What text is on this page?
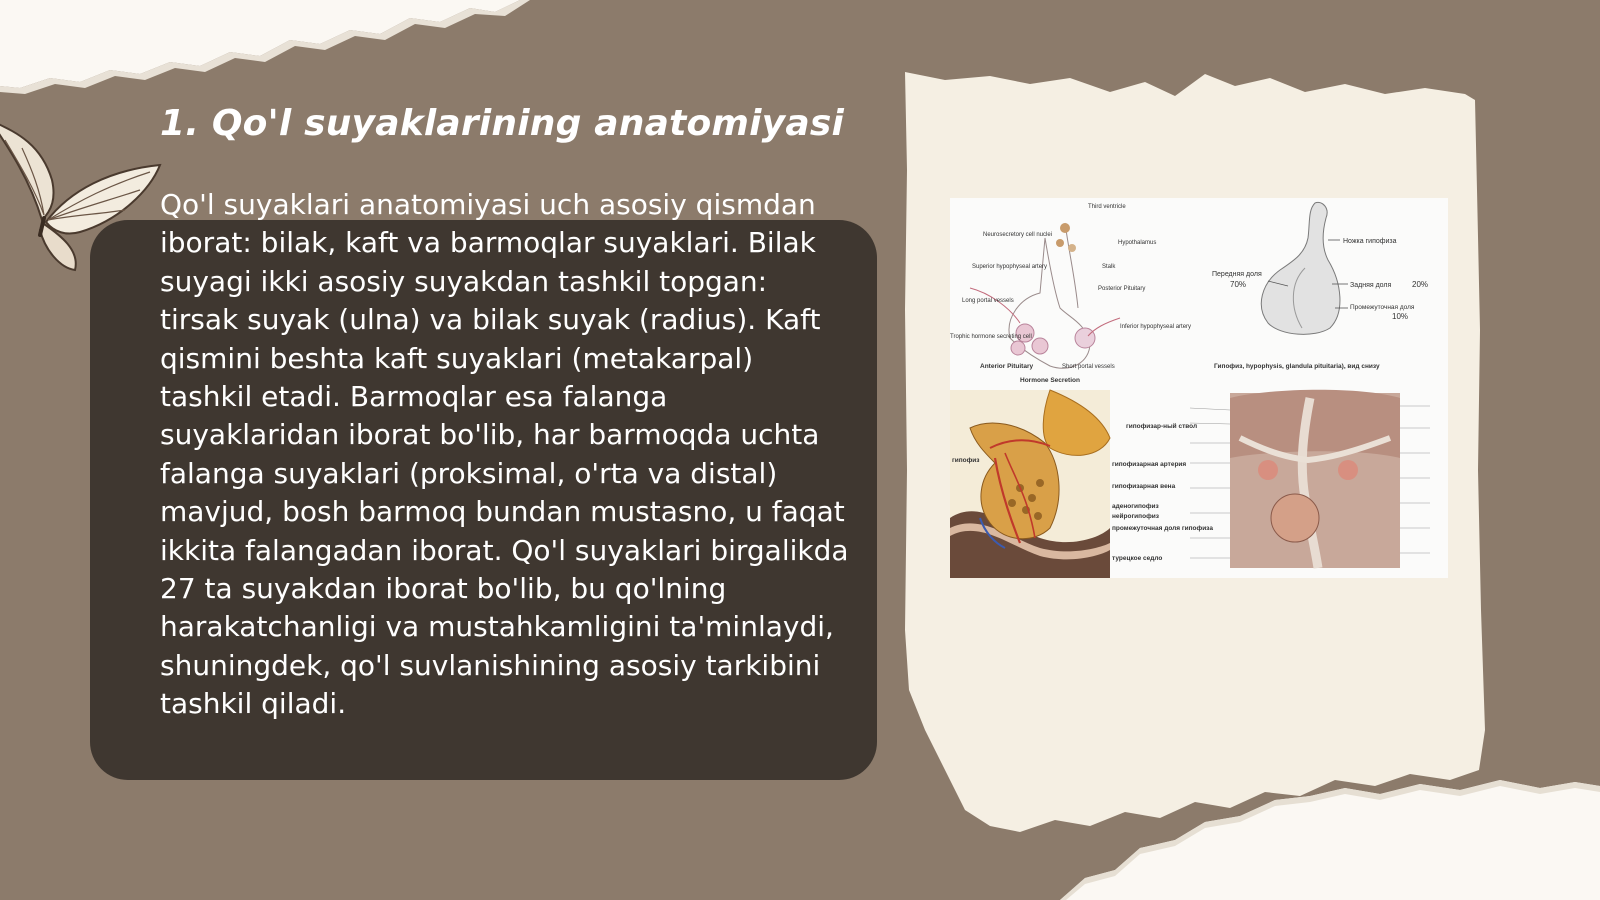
1. Qo'l suyaklarining anatomiyasi

Qo'l suyaklari anatomiyasi uch asosiy qismdan iborat: bilak, kaft va barmoqlar suyaklari. Bilak suyagi ikki asosiy suyakdan tashkil topgan: tirsak suyak (ulna) va bilak suyak (radius). Kaft qismini beshta kaft suyaklari (metakarpal) tashkil etadi. Barmoqlar esa falanga suyaklaridan iborat bo'lib, har barmoqda uchta falanga suyaklari (proksimal, o'rta va distal) mavjud, bosh barmoq bundan mustasno, u faqat ikkita falangadan iborat. Qo'l suyaklari birgalikda 27 ta suyakdan iborat bo'lib, bu qo'lning harakatchanligi va mustahkamligini ta'minlaydi, shuningdek, qo'l suvlanishining asosiy tarkibini tashkil qiladi.

Third ventricle
Neurosecretory cell nuclei
Hypothalamus
Superior hypophyseal artery	Stalk
Long portal vessels
Posterior Pituitary
Inferior hypophyseal artery
Trophic hormone secreting cell
Short portal vessels
Anterior Pituitary
Hormone Secretion
Ножка гипофиза
Передняя доля
70%	Задняя доля	20%
Промежуточная доля
10%
гипофизар-ный ствол
гипофиз
гипофизарная артерия
гипофизарная вена
аденогипофиз
нейрогипофиз
промежуточная доля гипофиза
турецкое седло
Гипофиз, hypophysis, glandula pituitaria), вид снизу
